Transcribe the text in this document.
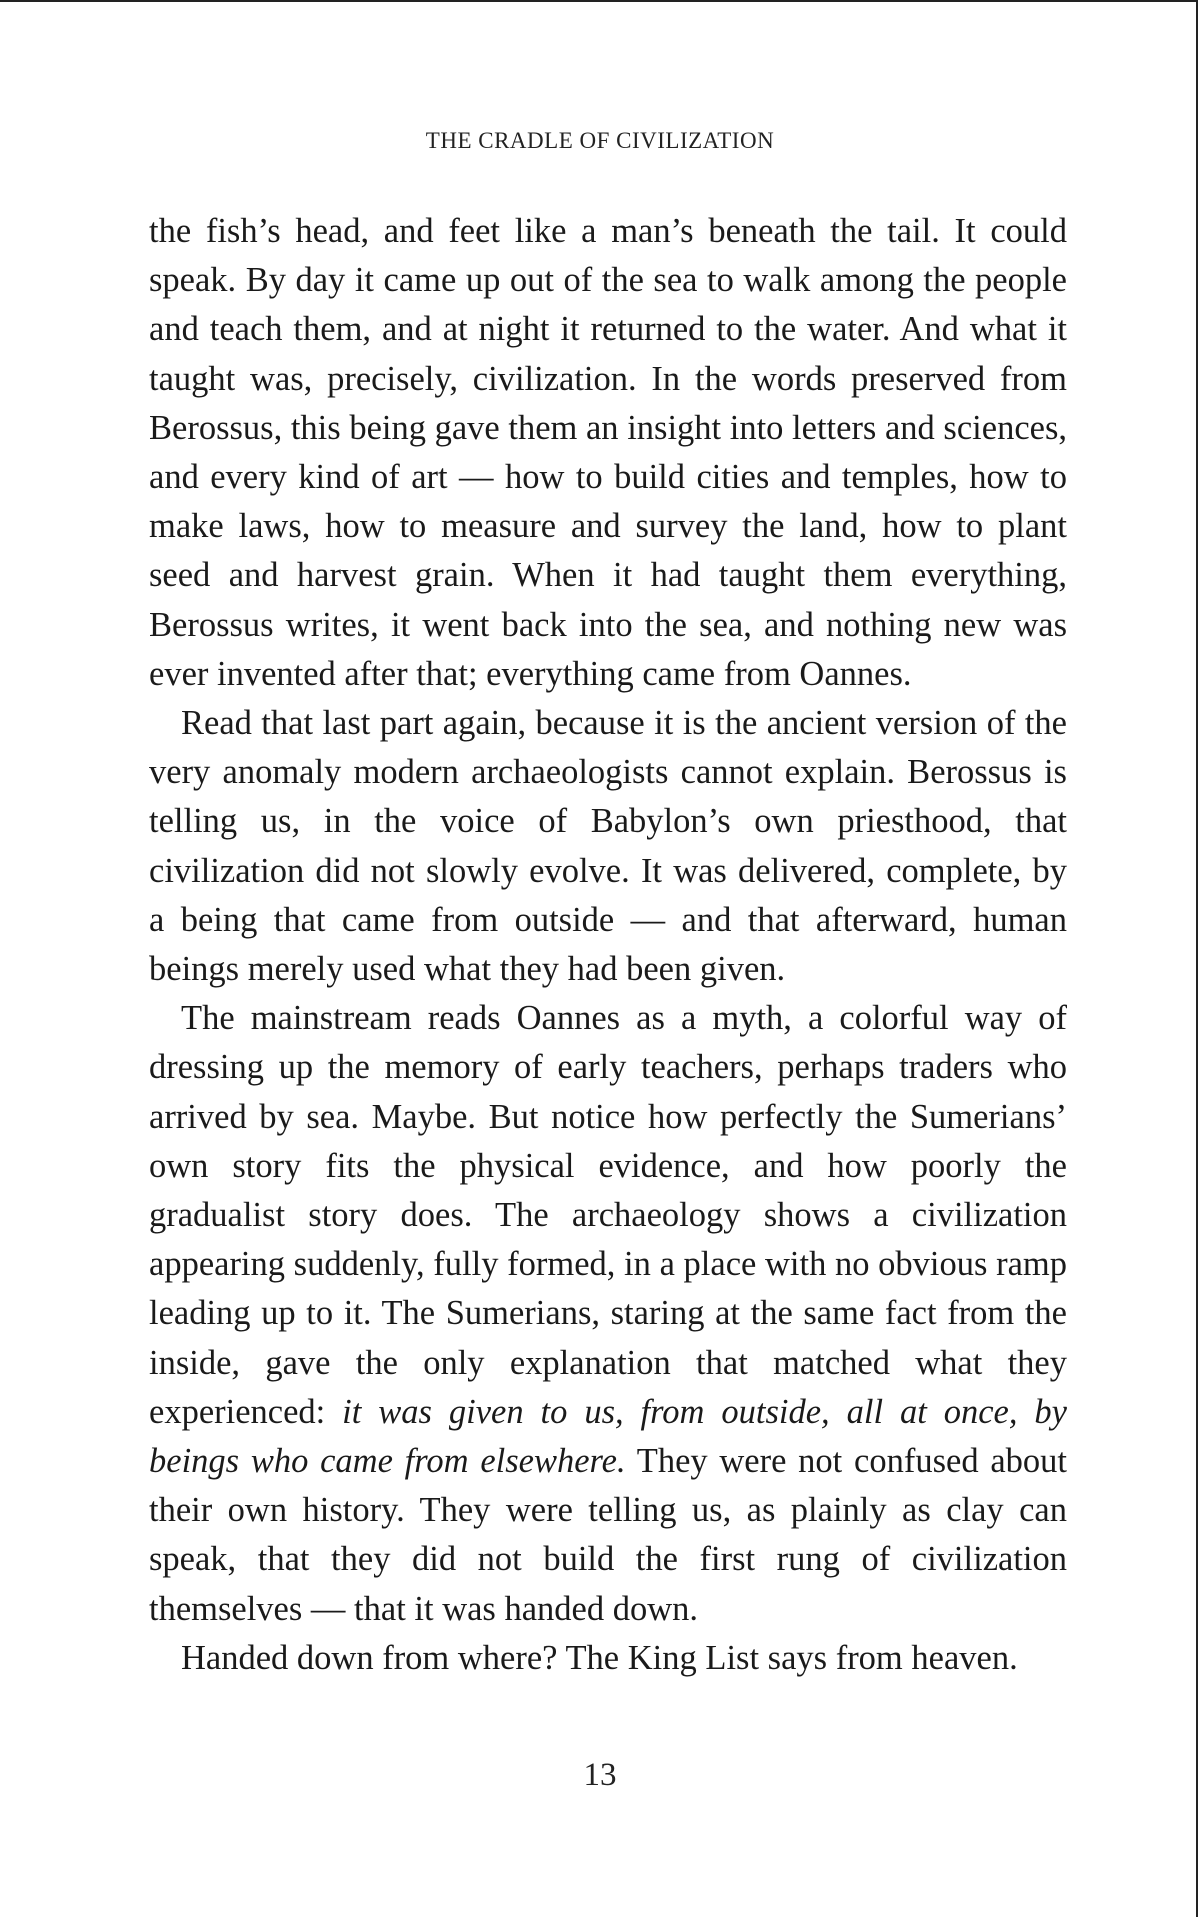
THE CRADLE OF CIVILIZATION

the fish’s head, and feet like a man’s beneath the tail. It could speak. By day it came up out of the sea to walk among the people and teach them, and at night it returned to the water. And what it taught was, precisely, civilization. In the words preserved from Berossus, this being gave them an insight into letters and sciences, and every kind of art — how to build cities and temples, how to make laws, how to measure and survey the land, how to plant seed and harvest grain. When it had taught them everything, Berossus writes, it went back into the sea, and nothing new was ever invented after that; everything came from Oannes.

Read that last part again, because it is the ancient version of the very anomaly modern archaeologists cannot explain. Berossus is telling us, in the voice of Babylon’s own priesthood, that civilization did not slowly evolve. It was delivered, complete, by a being that came from outside — and that afterward, human beings merely used what they had been given.

The mainstream reads Oannes as a myth, a colorful way of dressing up the memory of early teachers, perhaps traders who arrived by sea. Maybe. But notice how perfectly the Sumerians’ own story fits the physical evidence, and how poorly the gradualist story does. The archaeology shows a civilization appearing suddenly, fully formed, in a place with no obvious ramp leading up to it. The Sumerians, staring at the same fact from the inside, gave the only explanation that matched what they experienced: it was given to us, from outside, all at once, by beings who came from elsewhere. They were not confused about their own history. They were telling us, as plainly as clay can speak, that they did not build the first rung of civilization themselves — that it was handed down.

Handed down from where? The King List says from heaven.

13
